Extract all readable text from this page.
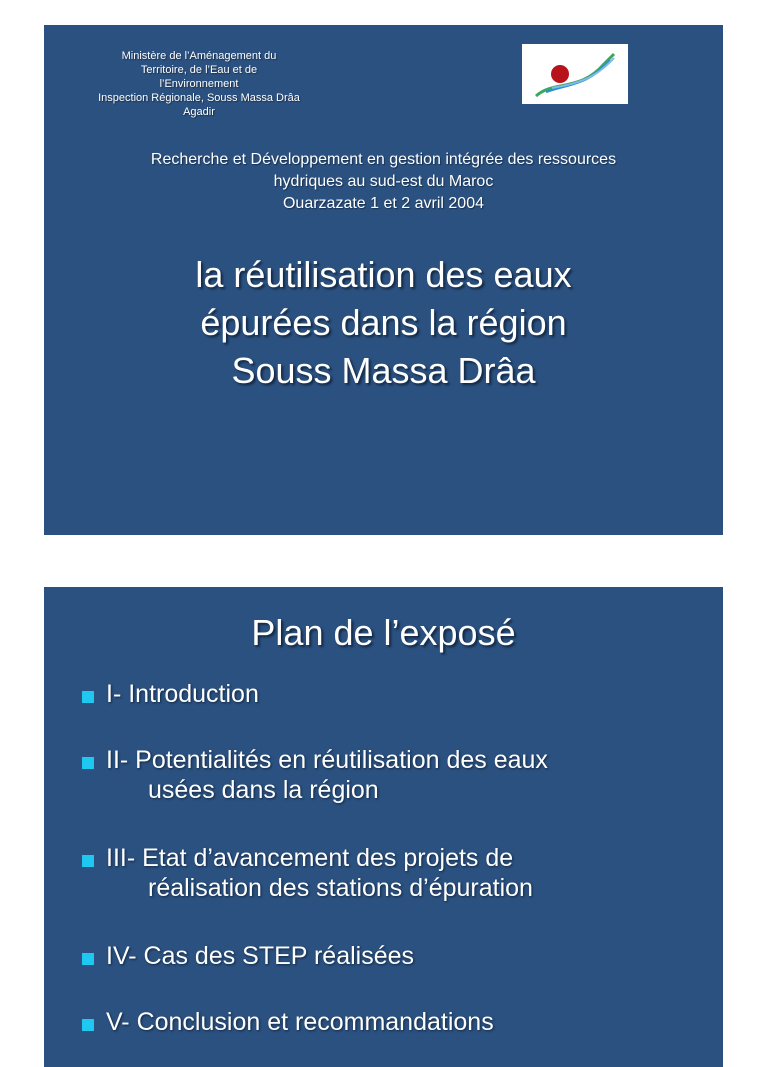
Ministère de l’Aménagement du
Territoire, de l’Eau et de
l’Environnement
Inspection Régionale, Souss Massa Drâa
Agadir
Recherche et Développement en gestion intégrée des ressources
hydriques au sud-est du Maroc
Ouarzazate 1 et 2 avril 2004
la réutilisation des eaux
épurées dans la région
Souss Massa Drâa
Plan de l’exposé
I- Introduction
II- Potentialités en réutilisation des eaux
usées dans la région
III- Etat d’avancement des projets de
réalisation des stations d’épuration
IV- Cas des STEP réalisées
V- Conclusion et recommandations
